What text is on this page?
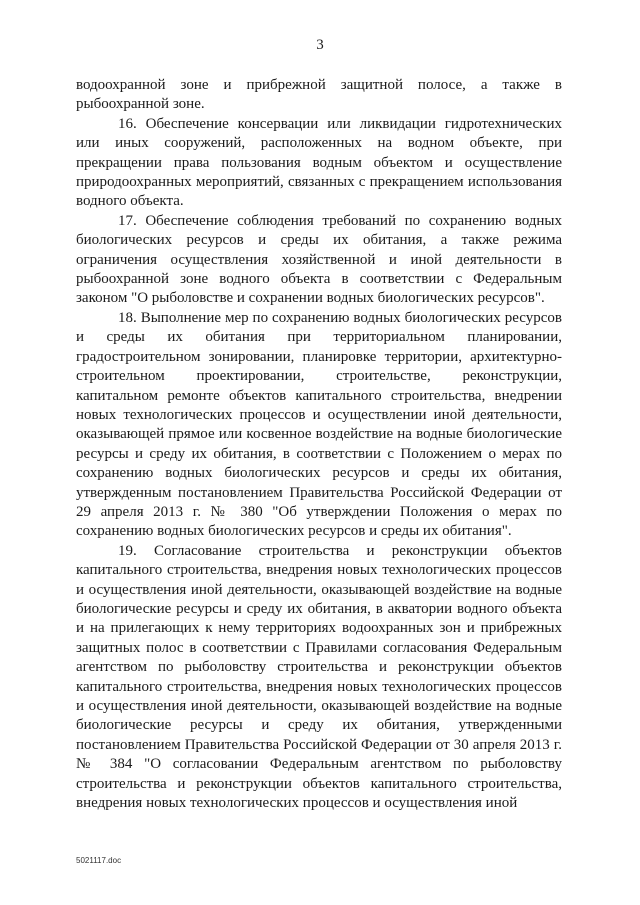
3

водоохранной зоне и прибрежной защитной полосе, а также в рыбоохранной зоне.

16. Обеспечение консервации или ликвидации гидротехнических или иных сооружений, расположенных на водном объекте, при прекращении права пользования водным объектом и осуществление природоохранных мероприятий, связанных с прекращением использования водного объекта.

17. Обеспечение соблюдения требований по сохранению водных биологических ресурсов и среды их обитания, а также режима ограничения осуществления хозяйственной и иной деятельности в рыбоохранной зоне водного объекта в соответствии с Федеральным законом "О рыболовстве и сохранении водных биологических ресурсов".

18. Выполнение мер по сохранению водных биологических ресурсов и среды их обитания при территориальном планировании, градостроительном зонировании, планировке территории, архитектурно-строительном проектировании, строительстве, реконструкции, капитальном ремонте объектов капитального строительства, внедрении новых технологических процессов и осуществлении иной деятельности, оказывающей прямое или косвенное воздействие на водные биологические ресурсы и среду их обитания, в соответствии с Положением о мерах по сохранению водных биологических ресурсов и среды их обитания, утвержденным постановлением Правительства Российской Федерации от 29 апреля 2013 г. № 380 "Об утверждении Положения о мерах по сохранению водных биологических ресурсов и среды их обитания".

19. Согласование строительства и реконструкции объектов капитального строительства, внедрения новых технологических процессов и осуществления иной деятельности, оказывающей воздействие на водные биологические ресурсы и среду их обитания, в акватории водного объекта и на прилегающих к нему территориях водоохранных зон и прибрежных защитных полос в соответствии с Правилами согласования Федеральным агентством по рыболовству строительства и реконструкции объектов капитального строительства, внедрения новых технологических процессов и осуществления иной деятельности, оказывающей воздействие на водные биологические ресурсы и среду их обитания, утвержденными постановлением Правительства Российской Федерации от 30 апреля 2013 г. № 384 "О согласовании Федеральным агентством по рыболовству строительства и реконструкции объектов капитального строительства, внедрения новых технологических процессов и осуществления иной

5021117.doc
